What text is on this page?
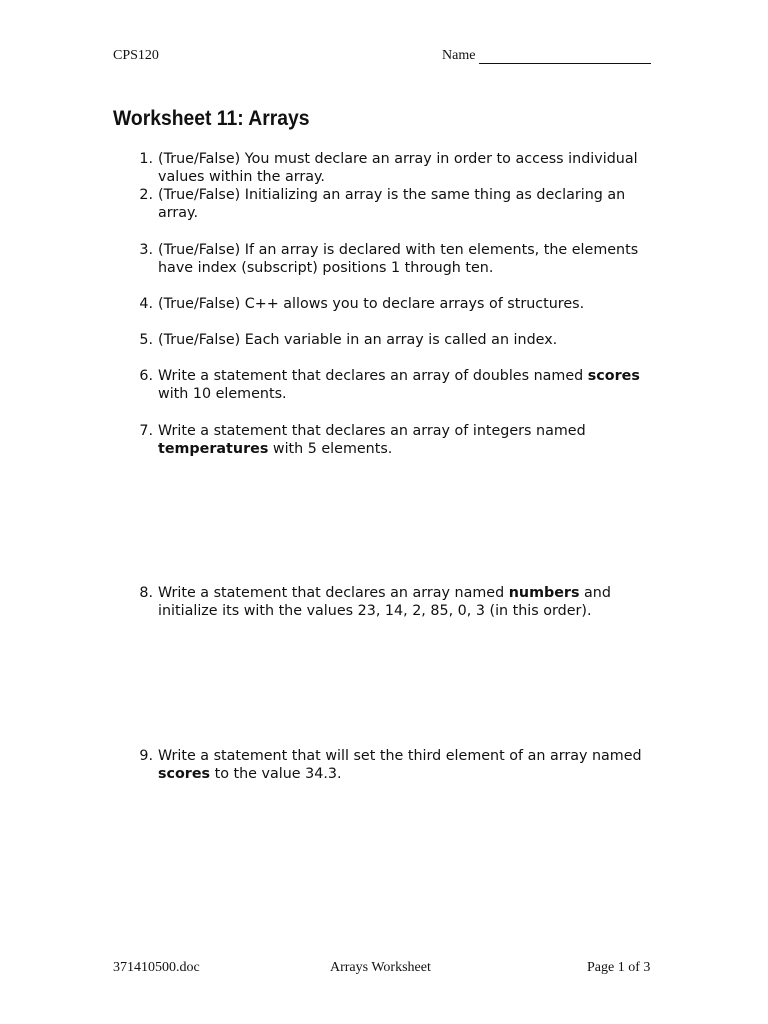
CPS120	Name
Worksheet 11: Arrays
1. (True/False) You must declare an array in order to access individual values within the array.
2. (True/False) Initializing an array is the same thing as declaring an array.
3. (True/False) If an array is declared with ten elements, the elements have index (subscript) positions 1 through ten.
4. (True/False) C++ allows you to declare arrays of structures.
5. (True/False) Each variable in an array is called an index.
6. Write a statement that declares an array of doubles named scores with 10 elements.
7. Write a statement that declares an array of integers named temperatures with 5 elements.
8. Write a statement that declares an array named numbers and initialize its with the values 23, 14, 2, 85, 0, 3 (in this order).
9. Write a statement that will set the third element of an array named scores to the value 34.3.
371410500.doc	Arrays Worksheet	Page 1 of 3
